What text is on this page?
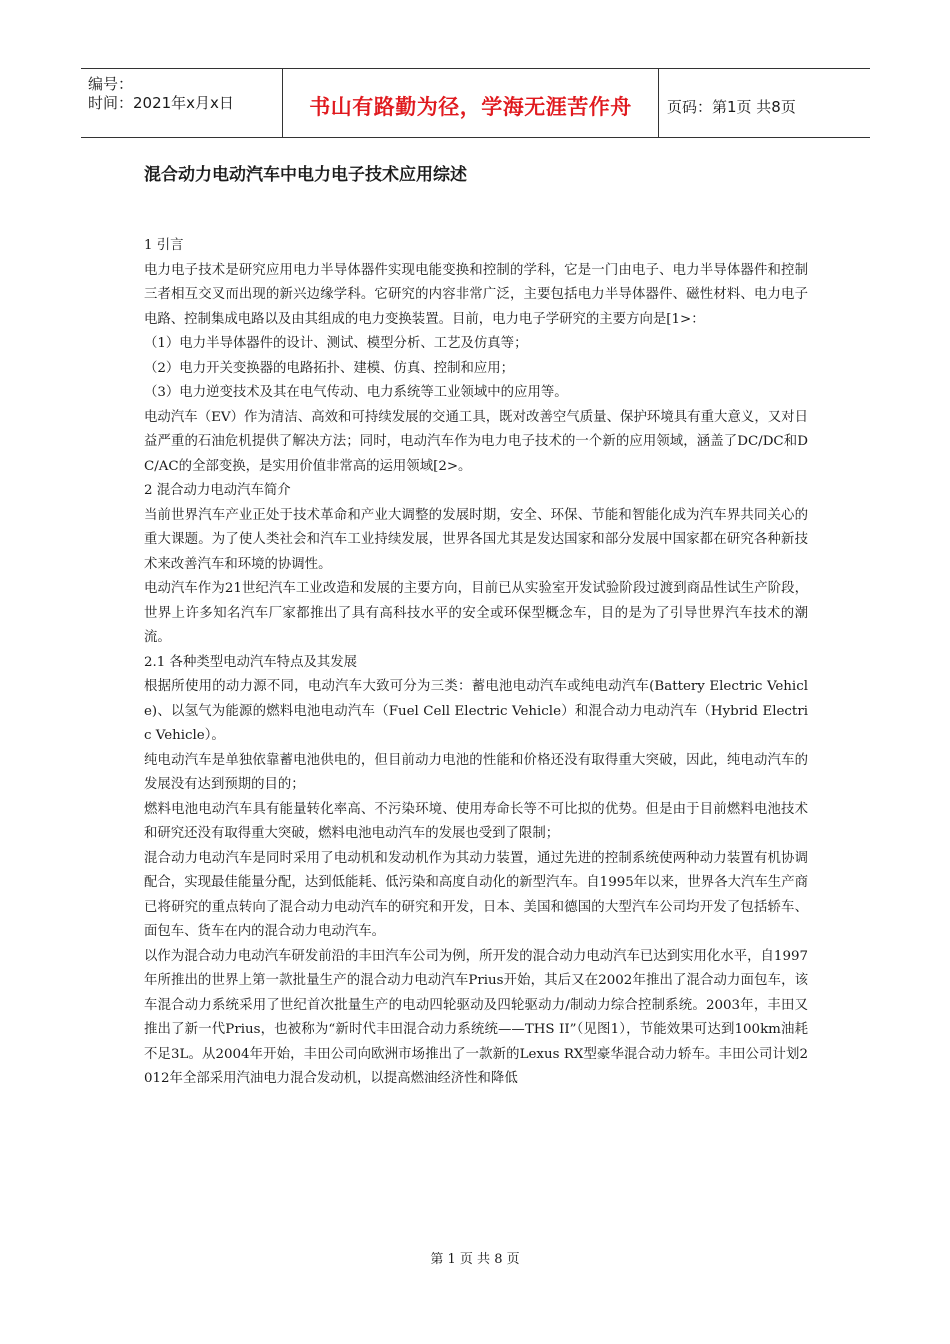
编号：
时间：2021年x月x日	书山有路勤为径，学海无涯苦作舟 页码：第1页 共8页
混合动力电动汽车中电力电子技术应用综述

1 引言

电力电子技术是研究应用电力半导体器件实现电能变换和控制的学科，它是一门由电子、电力半导体器件和控制三者相互交叉而出现的新兴边缘学科。它研究的内容非常广泛，主要包括电力半导体器件、磁性材料、电力电子电路、控制集成电路以及由其组成的电力变换装置。目前，电力电子学研究的主要方向是[1>：

（1）电力半导体器件的设计、测试、模型分析、工艺及仿真等；

（2）电力开关变换器的电路拓扑、建模、仿真、控制和应用；

（3）电力逆变技术及其在电气传动、电力系统等工业领域中的应用等。

电动汽车（EV）作为清洁、高效和可持续发展的交通工具，既对改善空气质量、保护环境具有重大意义，又对日益严重的石油危机提供了解决方法；同时，电动汽车作为电力电子技术的一个新的应用领域，涵盖了DC/DC和DC/AC的全部变换，是实用价值非常高的运用领域[2>。

2 混合动力电动汽车简介

当前世界汽车产业正处于技术革命和产业大调整的发展时期，安全、环保、节能和智能化成为汽车界共同关心的重大课题。为了使人类社会和汽车工业持续发展，世界各国尤其是发达国家和部分发展中国家都在研究各种新技术来改善汽车和环境的协调性。

电动汽车作为21世纪汽车工业改造和发展的主要方向，目前已从实验室开发试验阶段过渡到商品性试生产阶段，世界上许多知名汽车厂家都推出了具有高科技水平的安全或环保型概念车，目的是为了引导世界汽车技术的潮流。

2.1 各种类型电动汽车特点及其发展

根据所使用的动力源不同，电动汽车大致可分为三类：蓄电池电动汽车或纯电动汽车(Battery Electric Vehicle)、以氢气为能源的燃料电池电动汽车（Fuel Cell Electric Vehicle）和混合动力电动汽车（Hybrid Electric Vehicle）。

纯电动汽车是单独依靠蓄电池供电的，但目前动力电池的性能和价格还没有取得重大突破，因此，纯电动汽车的发展没有达到预期的目的；

燃料电池电动汽车具有能量转化率高、不污染环境、使用寿命长等不可比拟的优势。但是由于目前燃料电池技术和研究还没有取得重大突破，燃料电池电动汽车的发展也受到了限制；

混合动力电动汽车是同时采用了电动机和发动机作为其动力装置，通过先进的控制系统使两种动力装置有机协调配合，实现最佳能量分配，达到低能耗、低污染和高度自动化的新型汽车。自1995年以来，世界各大汽车生产商已将研究的重点转向了混合动力电动汽车的研究和开发，日本、美国和德国的大型汽车公司均开发了包括轿车、面包车、货车在内的混合动力电动汽车。

以作为混合动力电动汽车研发前沿的丰田汽车公司为例，所开发的混合动力电动汽车已达到实用化水平，自1997年所推出的世界上第一款批量生产的混合动力电动汽车Prius开始，其后又在2002年推出了混合动力面包车，该车混合动力系统采用了世纪首次批量生产的电动四轮驱动及四轮驱动力/制动力综合控制系统。2003年，丰田又推出了新一代Prius，也被称为“新时代丰田混合动力系统统——THS II”（见图1），节能效果可达到100km油耗不足3L。从2004年开始，丰田公司向欧洲市场推出了一款新的Lexus RX型豪华混合动力轿车。丰田公司计划2012年全部采用汽油电力混合发动机，以提高燃油经济性和降低

第 1 页 共 8 页
